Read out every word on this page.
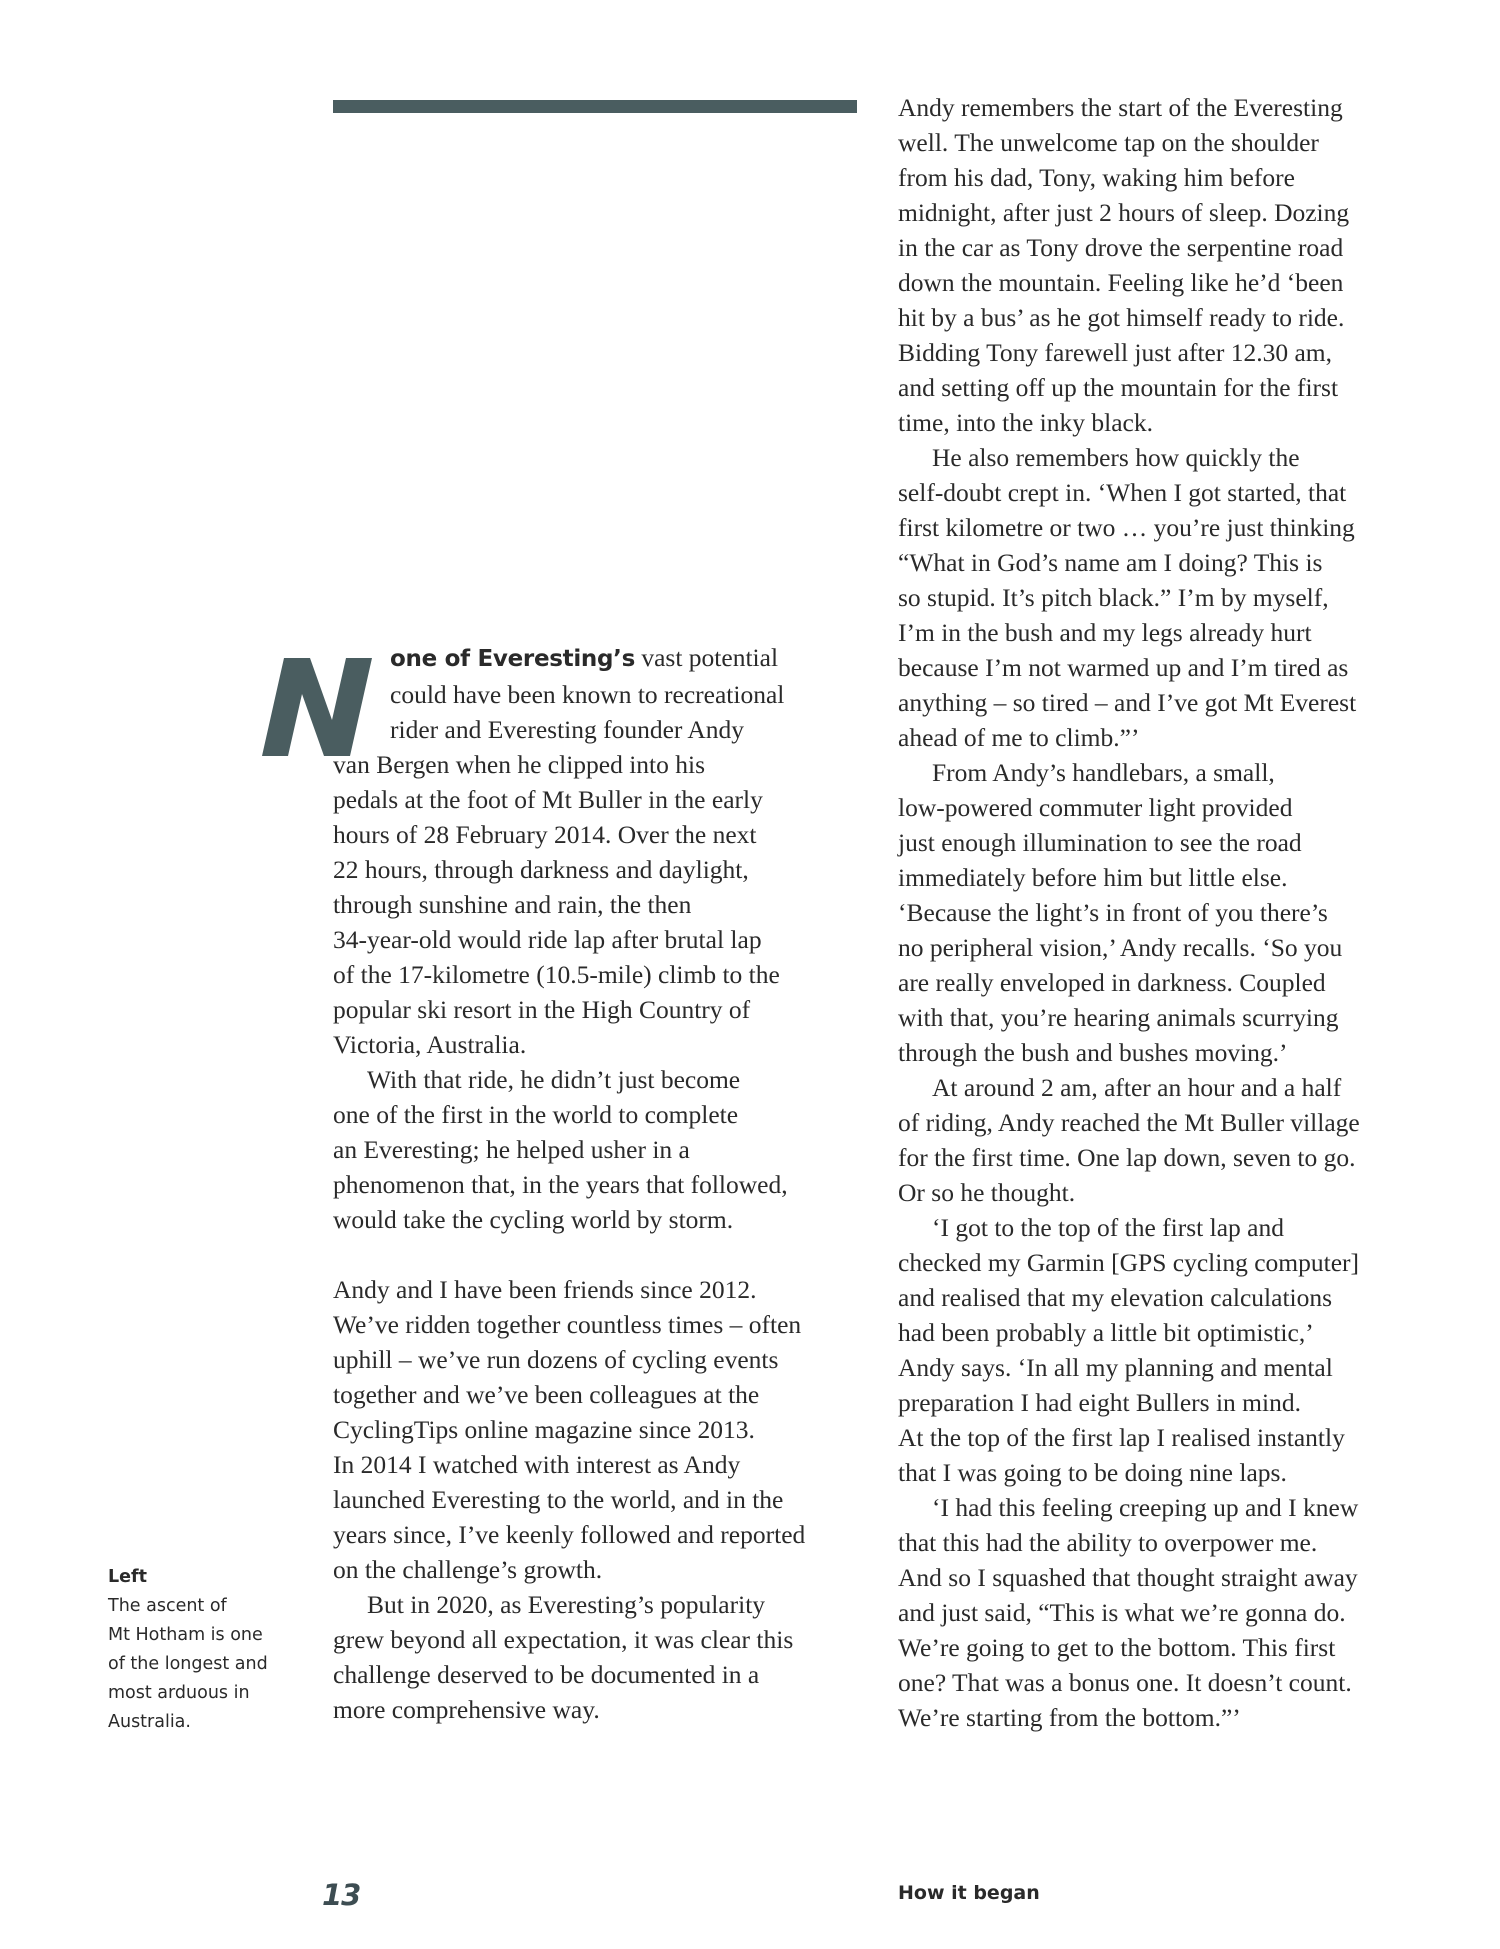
one of Everesting’s vast potential
could have been known to recreational
rider and Everesting founder Andy
van Bergen when he clipped into his
pedals at the foot of Mt Buller in the early
hours of 28 February 2014. Over the next
22 hours, through darkness and daylight,
through sunshine and rain, the then
34-year-old would ride lap after brutal lap
of the 17-kilometre (10.5-mile) climb to the
popular ski resort in the High Country of
Victoria, Australia.
With that ride, he didn’t just become
one of the first in the world to complete
an Everesting; he helped usher in a
phenomenon that, in the years that followed,
would take the cycling world by storm.
Andy and I have been friends since 2012.
We’ve ridden together countless times – often
uphill – we’ve run dozens of cycling events
together and we’ve been colleagues at the
CyclingTips online magazine since 2013.
In 2014 I watched with interest as Andy
launched Everesting to the world, and in the
years since, I’ve keenly followed and reported
on the challenge’s growth.
But in 2020, as Everesting’s popularity
grew beyond all expectation, it was clear this
challenge deserved to be documented in a
more comprehensive way.
Andy remembers the start of the Everesting
well. The unwelcome tap on the shoulder
from his dad, Tony, waking him before
midnight, after just 2 hours of sleep. Dozing
in the car as Tony drove the serpentine road
down the mountain. Feeling like he’d ‘been
hit by a bus’ as he got himself ready to ride.
Bidding Tony farewell just after 12.30 am,
and setting off up the mountain for the first
time, into the inky black.
He also remembers how quickly the
self-doubt crept in. ‘When I got started, that
first kilometre or two … you’re just thinking
“What in God’s name am I doing? This is
so stupid. It’s pitch black.” I’m by myself,
I’m in the bush and my legs already hurt
because I’m not warmed up and I’m tired as
anything – so tired – and I’ve got Mt Everest
ahead of me to climb.”’
From Andy’s handlebars, a small,
low-powered commuter light provided
just enough illumination to see the road
immediately before him but little else.
‘Because the light’s in front of you there’s
no peripheral vision,’ Andy recalls. ‘So you
are really enveloped in darkness. Coupled
with that, you’re hearing animals scurrying
through the bush and bushes moving.’
At around 2 am, after an hour and a half
of riding, Andy reached the Mt Buller village
for the first time. One lap down, seven to go.
Or so he thought.
‘I got to the top of the first lap and
checked my Garmin [GPS cycling computer]
and realised that my elevation calculations
had been probably a little bit optimistic,’
Andy says. ‘In all my planning and mental
preparation I had eight Bullers in mind.
At the top of the first lap I realised instantly
that I was going to be doing nine laps.
‘I had this feeling creeping up and I knew
that this had the ability to overpower me.
And so I squashed that thought straight away
and just said, “This is what we’re gonna do.
We’re going to get to the bottom. This first
one? That was a bonus one. It doesn’t count.
We’re starting from the bottom.”’
Left
The ascent of
Mt Hotham is one
of the longest and
most arduous in
Australia.
13	How it began
